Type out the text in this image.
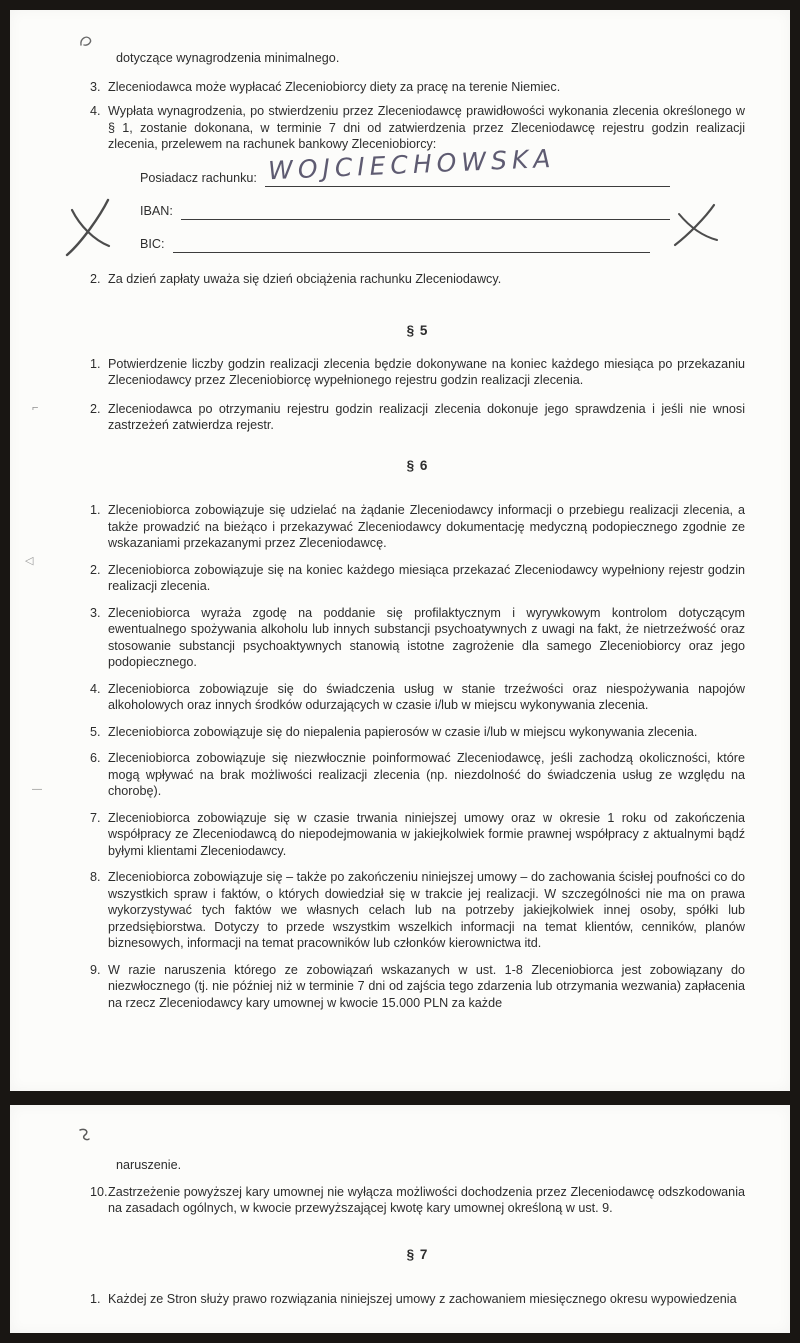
dotyczące wynagrodzenia minimalnego.
3. Zleceniodawca może wypłacać Zleceniobiorcy diety za pracę na terenie Niemiec.
4. Wypłata wynagrodzenia, po stwierdzeniu przez Zleceniodawcę prawidłowości wykonania zlecenia określonego w § 1, zostanie dokonana, w terminie 7 dni od zatwierdzenia przez Zleceniodawcę rejestru godzin realizacji zlecenia, przelewem na rachunek bankowy Zleceniobiorcy:
Posiadacz rachunku:
IBAN:
BIC:
2. Za dzień zapłaty uważa się dzień obciążenia rachunku Zleceniodawcy.
§ 5
1. Potwierdzenie liczby godzin realizacji zlecenia będzie dokonywane na koniec każdego miesiąca po przekazaniu Zleceniodawcy przez Zleceniobiorcę wypełnionego rejestru godzin realizacji zlecenia.
2. Zleceniodawca po otrzymaniu rejestru godzin realizacji zlecenia dokonuje jego sprawdzenia i jeśli nie wnosi zastrzeżeń zatwierdza rejestr.
§ 6
1. Zleceniobiorca zobowiązuje się udzielać na żądanie Zleceniodawcy informacji o przebiegu realizacji zlecenia, a także prowadzić na bieżąco i przekazywać Zleceniodawcy dokumentację medyczną podopiecznego zgodnie ze wskazaniami przekazanymi przez Zleceniodawcę.
2. Zleceniobiorca zobowiązuje się na koniec każdego miesiąca przekazać Zleceniodawcy wypełniony rejestr godzin realizacji zlecenia.
3. Zleceniobiorca wyraża zgodę na poddanie się profilaktycznym i wyrywkowym kontrolom dotyczącym ewentualnego spożywania alkoholu lub innych substancji psychoatywnych z uwagi na fakt, że nietrzeźwość oraz stosowanie substancji psychoaktywnych stanowią istotne zagrożenie dla samego Zleceniobiorcy oraz jego podopiecznego.
4. Zleceniobiorca zobowiązuje się do świadczenia usług w stanie trzeźwości oraz niespożywania napojów alkoholowych oraz innych środków odurzających w czasie i/lub w miejscu wykonywania zlecenia.
5. Zleceniobiorca zobowiązuje się do niepalenia papierosów w czasie i/lub w miejscu wykonywania zlecenia.
6. Zleceniobiorca zobowiązuje się niezwłocznie poinformować Zleceniodawcę, jeśli zachodzą okoliczności, które mogą wpływać na brak możliwości realizacji zlecenia (np. niezdolność do świadczenia usług ze względu na chorobę).
7. Zleceniobiorca zobowiązuje się w czasie trwania niniejszej umowy oraz w okresie 1 roku od zakończenia współpracy ze Zleceniodawcą do niepodejmowania w jakiejkolwiek formie prawnej współpracy z aktualnymi bądź byłymi klientami Zleceniodawcy.
8. Zleceniobiorca zobowiązuje się – także po zakończeniu niniejszej umowy – do zachowania ścisłej poufności co do wszystkich spraw i faktów, o których dowiedział się w trakcie jej realizacji. W szczególności nie ma on prawa wykorzystywać tych faktów we własnych celach lub na potrzeby jakiejkolwiek innej osoby, spółki lub przedsiębiorstwa. Dotyczy to przede wszystkim wszelkich informacji na temat klientów, cenników, planów biznesowych, informacji na temat pracowników lub członków kierownictwa itd.
9. W razie naruszenia którego ze zobowiązań wskazanych w ust. 1-8 Zleceniobiorca jest zobowiązany do niezwłocznego (tj. nie później niż w terminie 7 dni od zajścia tego zdarzenia lub otrzymania wezwania) zapłacenia na rzecz Zleceniodawcy kary umownej w kwocie 15.000 PLN za każde
WOJCIECHOWSKA
⌐
◁
—
naruszenie.
10. Zastrzeżenie powyższej kary umownej nie wyłącza możliwości dochodzenia przez Zleceniodawcę odszkodowania na zasadach ogólnych, w kwocie przewyższającej kwotę kary umownej określoną w ust. 9.
§ 7
1. Każdej ze Stron służy prawo rozwiązania niniejszej umowy z zachowaniem miesięcznego okresu wypowiedzenia
